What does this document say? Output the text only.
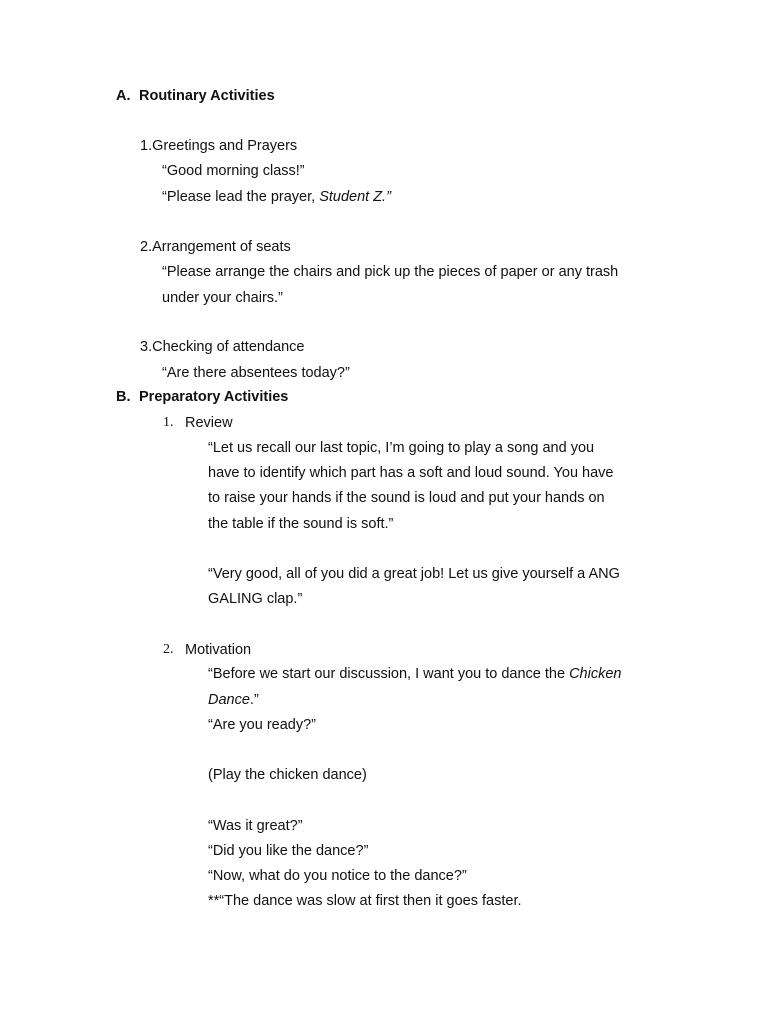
A. Routinary Activities
1.Greetings and Prayers
“Good morning class!”
“Please lead the prayer, Student Z.”
2.Arrangement of seats
“Please arrange the chairs and pick up the pieces of paper or any trash
under your chairs.”
3.Checking of attendance
“Are there absentees today?”
B. Preparatory Activities
1. Review
“Let us recall our last topic, I’m going to play a song and you
have to identify which part has a soft and loud sound. You have
to raise your hands if the sound is loud and put your hands on
the table if the sound is soft.”
“Very good, all of you did a great job! Let us give yourself a ANG
GALING clap.”
2. Motivation
“Before we start our discussion, I want you to dance the Chicken
Dance.”
“Are you ready?”
(Play the chicken dance)
“Was it great?”
“Did you like the dance?”
“Now, what do you notice to the dance?”
**“The dance was slow at first then it goes faster.
